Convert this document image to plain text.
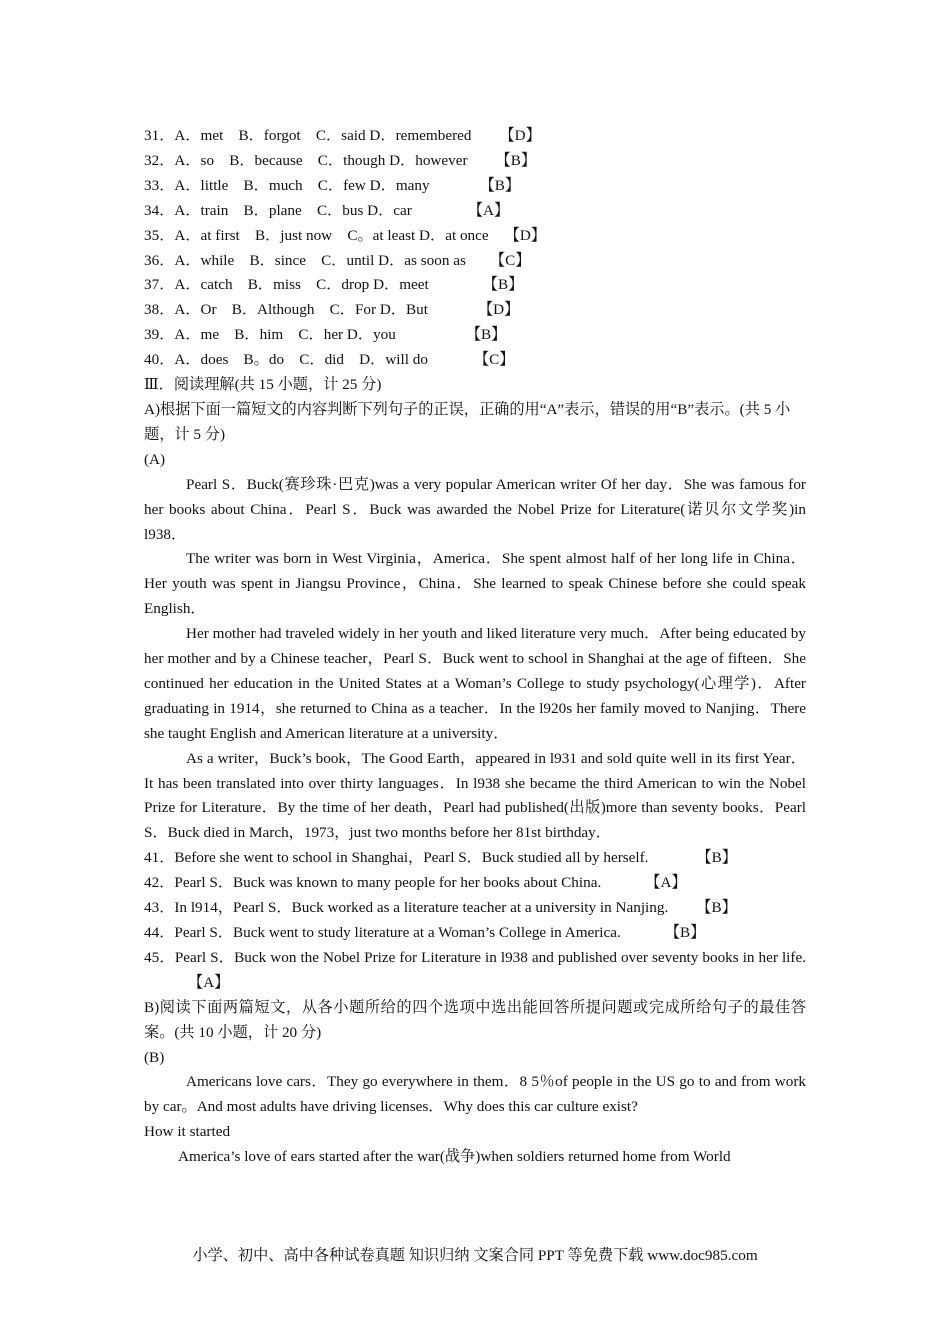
31．A．met　B．forgot　C．said D．remembered 【D】
32．A．so　B．because　C．though D．however 【B】
33．A．little　B．much　C．few D．many	【B】
34．A．train　B．plane　C．bus D．car	【A】
35．A．at first　B．just now　C。at least D．at once 【D】
36．A．while　B．since　C．until D．as soon as 【C】
37．A．catch　B．miss　C．drop D．meet	【B】
38．A．Or　B．Although　C．For D．But	【D】
39．A．me　B．him　C．her D．you	【B】
40．A．does　B。do　C．did　D．will do	【C】
Ⅲ．阅读理解(共 15 小题，计 25 分)

A)根据下面一篇短文的内容判断下列句子的正误，正确的用“A”表示，错误的用“B”表示。(共 5 小题，计 5 分)

(A)

Pearl S．Buck(赛珍珠·巴克)was a very popular American writer Of her day．She was famous for her books about China．Pearl S．Buck was awarded the Nobel Prize for Literature(诺贝尔文学奖)in l938．

The writer was born in West Virginia，America．She spent almost half of her long life in China．Her youth was spent in Jiangsu Province，China．She learned to speak Chinese before she could speak English．

Her mother had traveled widely in her youth and liked literature very much．After being educated by her mother and by a Chinese teacher，Pearl S．Buck went to school in Shanghai at the age of fifteen．She continued her education in the United States at a Woman’s College to study psychology(心理学)．After graduating in 1914，she returned to China as a teacher．In the l920s her family moved to Nanjing．There she taught English and American literature at a university．

As a writer，Buck’s book，The Good Earth，appeared in l931 and sold quite well in its first Year．It has been translated into over thirty languages．In l938 she became the third American to win the Nobel Prize for Literature．By the time of her death，Pearl had published(出版)more than seventy books．Pearl S．Buck died in March，1973，just two months before her 81st birthday．

41．Before she went to school in Shanghai，Pearl S．Buck studied all by herself.	【B】
42．Pearl S．Buck was known to many people for her books about China.	【A】
43．In l914，Pearl S．Buck worked as a literature teacher at a university in Nanjing. 【B】
44．Pearl S．Buck went to study literature at a Woman’s College in America.	【B】

45．Pearl S．Buck won the Nobel Prize for Literature in l938 and published over seventy books in her life.【A】

B)阅读下面两篇短文，从各小题所给的四个选项中选出能回答所提问题或完成所给句子的最佳答案。(共 10 小题，计 20 分)

(B)

Americans love cars．They go everywhere in them．8 5％of people in the US go to and from work by car。And most adults have driving licenses．Why does this car culture exist?

How it started

America’s love of ears started after the war(战争)when soldiers returned home from World

小学、初中、高中各种试卷真题 知识归纳 文案合同 PPT 等免费下载 www.doc985.com
